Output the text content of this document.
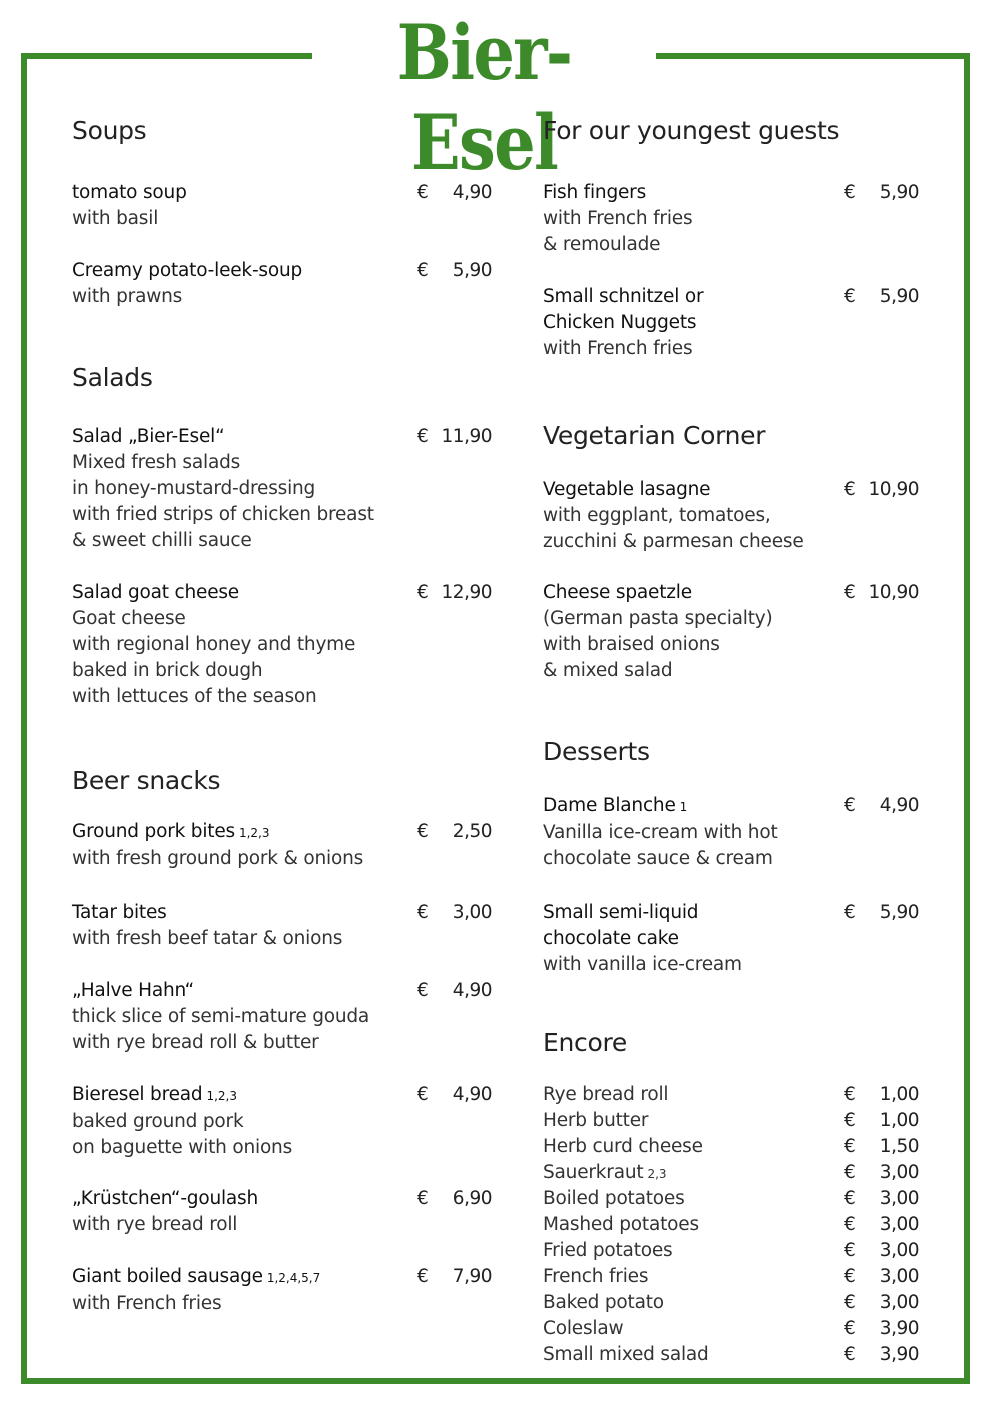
Bier-Esel
Soups
tomato soup
with basil
€	4,90
Creamy potato-leek-soup
with prawns
€	5,90
Salads
Salad „Bier-Esel“
Mixed fresh salads
in honey-mustard-dressing
with fried strips of chicken breast
& sweet chilli sauce
€ 11,90
Salad goat cheese
Goat cheese
with regional honey and thyme
baked in brick dough
with lettuces of the season
€ 12,90
Beer snacks
Ground pork bites 1,2,3
with fresh ground pork & onions
€	2,50
Tatar bites
with fresh beef tatar & onions
€	3,00
„Halve Hahn“
thick slice of semi-mature gouda
with rye bread roll & butter
€	4,90
Bieresel bread 1,2,3
baked ground pork
on baguette with onions
€	4,90
„Krüstchen“-goulash
with rye bread roll
€	6,90
Giant boiled sausage 1,2,4,5,7
with French fries
€	7,90
For our youngest guests
Fish fingers
with French fries
& remoulade
€	5,90
Small schnitzel or
Chicken Nuggets
with French fries
€	5,90
Vegetarian Corner
Vegetable lasagne
with eggplant, tomatoes,
zucchini & parmesan cheese
€ 10,90
Cheese spaetzle
(German pasta specialty)
with braised onions
& mixed salad
€ 10,90
Desserts
Dame Blanche 1
Vanilla ice-cream with hot
chocolate sauce & cream
€	4,90
Small semi-liquid
chocolate cake
with vanilla ice-cream
€	5,90
Encore
Rye bread roll	€	1,00
Herb butter	€	1,00
Herb curd cheese	€	1,50
Sauerkraut 2,3	€	3,00
Boiled potatoes	€	3,00
Mashed potatoes	€	3,00
Fried potatoes	€	3,00
French fries	€	3,00
Baked potato	€	3,00
Coleslaw	€	3,90
Small mixed salad	€	3,90
